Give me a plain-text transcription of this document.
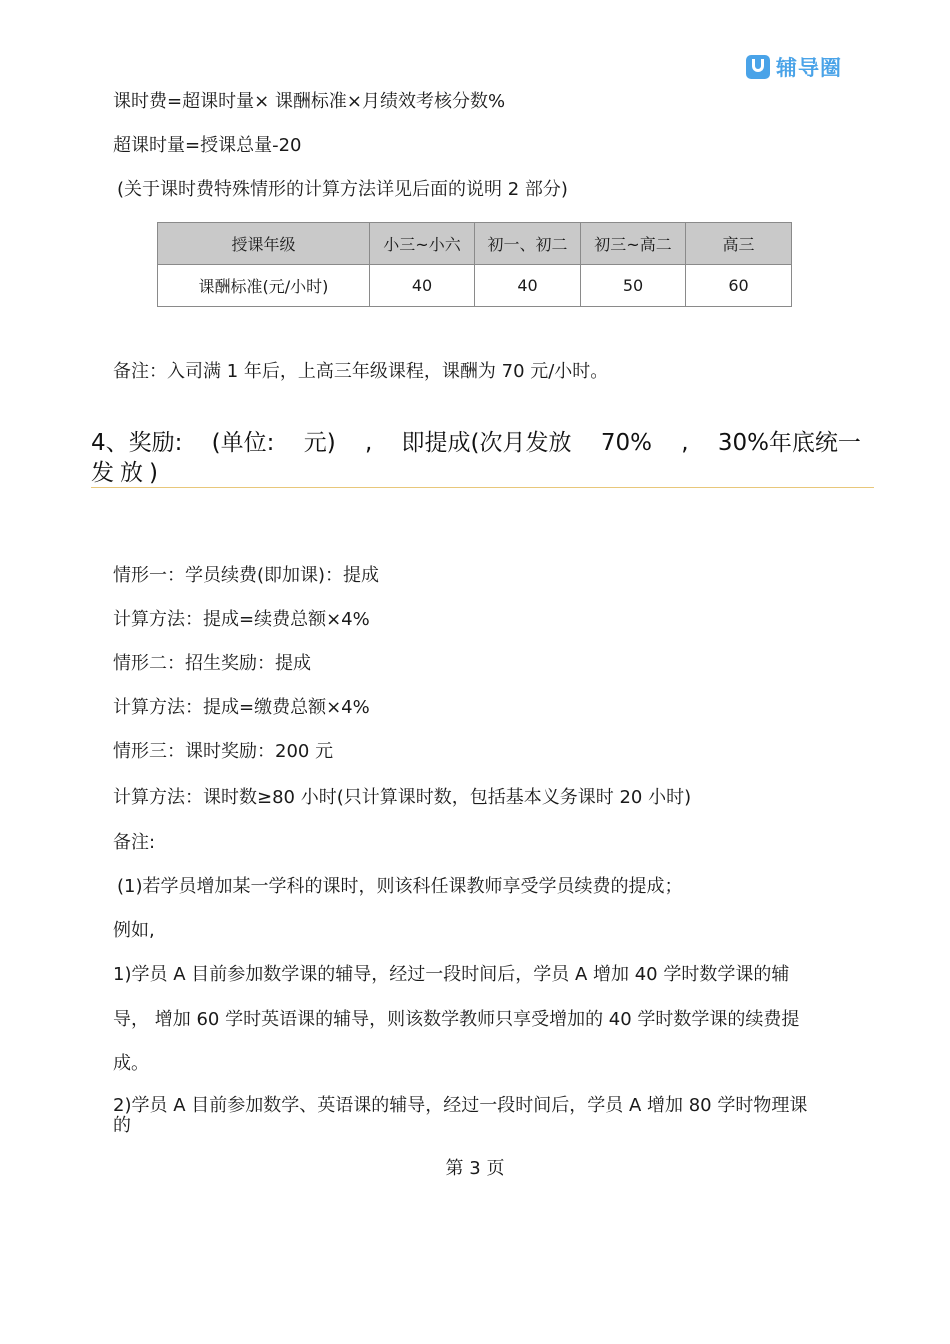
辅导圈
课时费=超课时量× 课酬标准×月绩效考核分数%
超课时量=授课总量-20
(关于课时费特殊情形的计算方法详见后面的说明 2 部分)
授课年级	小三~小六	初一、初二	初三~高二	高三
课酬标准(元/小时)	40	40	50	60
备注：入司满 1 年后，上高三年级课程，课酬为 70 元/小时。
4、奖励: (单位: 元) , 即提成(次月发放 70% , 30%年底统一
发放)
情形一：学员续费(即加课)：提成
计算方法：提成=续费总额×4%
情形二：招生奖励：提成
计算方法：提成=缴费总额×4%
情形三：课时奖励：200 元
计算方法：课时数≥80 小时(只计算课时数，包括基本义务课时 20 小时)
备注:
(1)若学员增加某一学科的课时，则该科任课教师享受学员续费的提成；
例如,
1)学员 A 目前参加数学课的辅导，经过一段时间后，学员 A 增加 40 学时数学课的辅
导， 增加 60 学时英语课的辅导，则该数学教师只享受增加的 40 学时数学课的续费提
成。
2)学员 A 目前参加数学、英语课的辅导，经过一段时间后，学员 A 增加 80 学时物理课
的
第 3 页
